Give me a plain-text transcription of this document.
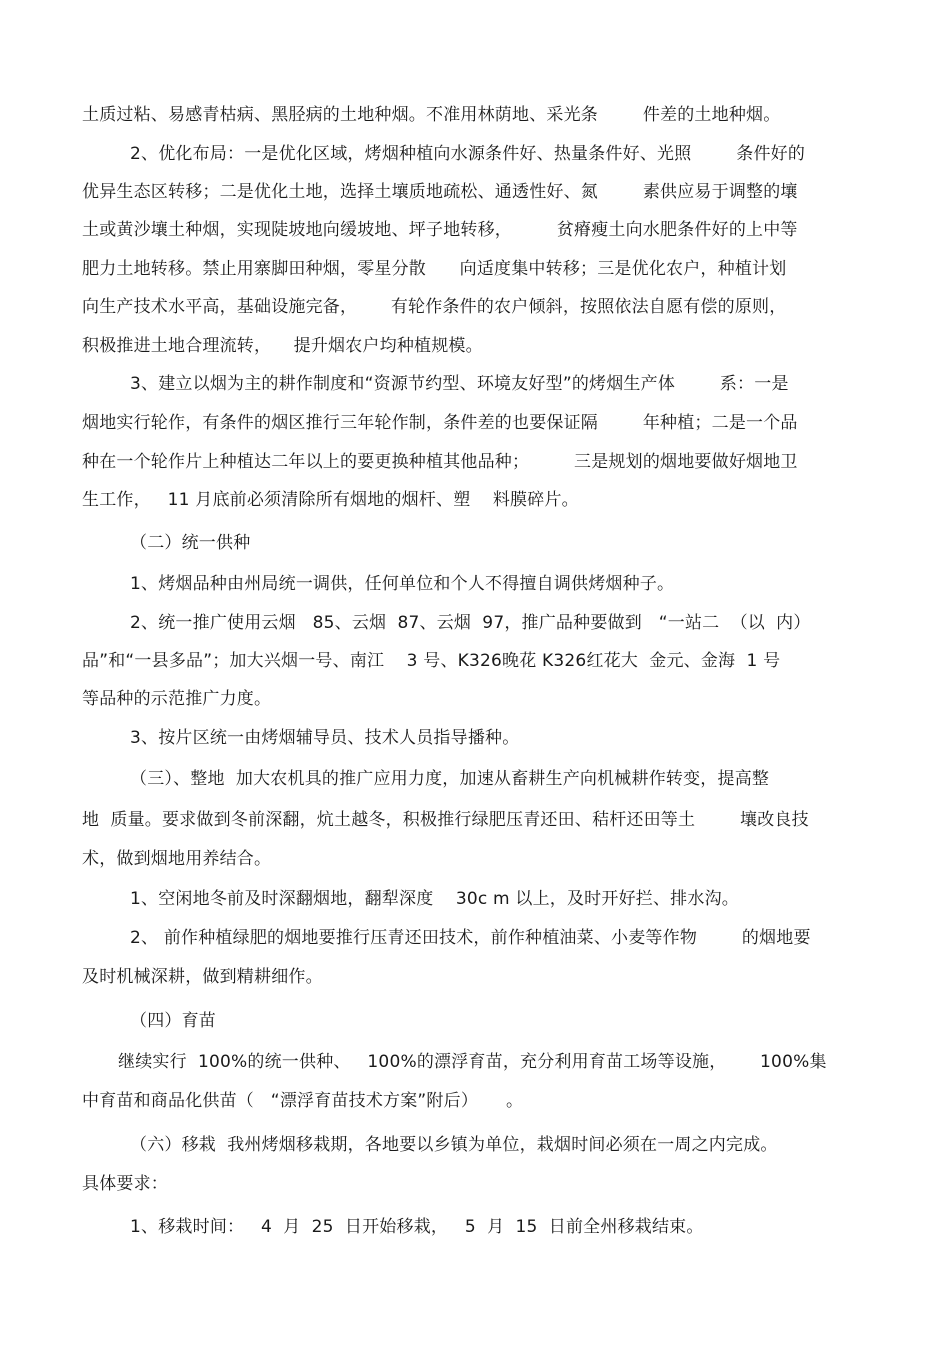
土质过粘、易感青枯病、黑胫病的土地种烟。不准用林荫地、采光条        件差的土地种烟。
2、优化布局：一是优化区域，烤烟种植向水源条件好、热量条件好、光照        条件好的
优异生态区转移；二是优化土地，选择土壤质地疏松、通透性好、氮        素供应易于调整的壤
土或黄沙壤土种烟，实现陡坡地向缓坡地、坪子地转移，        贫瘠瘦土向水肥条件好的上中等
肥力土地转移。禁止用寨脚田种烟，零星分散      向适度集中转移；三是优化农户，种植计划
向生产技术水平高，基础设施完备，      有轮作条件的农户倾斜，按照依法自愿有偿的原则，
积极推进土地合理流转，    提升烟农户均种植规模。
3、建立以烟为主的耕作制度和“资源节约型、环境友好型”的烤烟生产体        系：一是
烟地实行轮作，有条件的烟区推行三年轮作制，条件差的也要保证隔        年种植；二是一个品
种在一个轮作片上种植达二年以上的要更换种植其他品种；        三是规划的烟地要做好烟地卫
生工作，   11 月底前必须清除所有烟地的烟杆、塑    料膜碎片。
（二）统一供种
1、烤烟品种由州局统一调供，任何单位和个人不得擅自调供烤烟种子。
2、统一推广使用云烟   85、云烟  87、云烟  97，推广品种要做到   “一站二  （以  内）
品”和“一县多品”；加大兴烟一号、南江    3 号、K326晚花 K326红花大  金元、金海  1 号
等品种的示范推广力度。
3、按片区统一由烤烟辅导员、技术人员指导播种。
（三）、整地  加大农机具的推广应用力度，加速从畜耕生产向机械耕作转变，提高整
地  质量。要求做到冬前深翻，炕土越冬，积极推行绿肥压青还田、秸杆还田等土        壤改良技
术，做到烟地用养结合。
1、空闲地冬前及时深翻烟地，翻犁深度    30c m 以上，及时开好拦、排水沟。
2、 前作种植绿肥的烟地要推行压青还田技术，前作种植油菜、小麦等作物        的烟地要
及时机械深耕，做到精耕细作。
（四）育苗
继续实行  100%的统一供种、   100%的漂浮育苗，充分利用育苗工场等设施，      100%集
中育苗和商品化供苗（   “漂浮育苗技术方案”附后）     。
（六）移栽  我州烤烟移栽期，各地要以乡镇为单位，栽烟时间必须在一周之内完成。
具体要求：
1、移栽时间：   4  月  25  日开始移栽，   5  月  15  日前全州移栽结束。
